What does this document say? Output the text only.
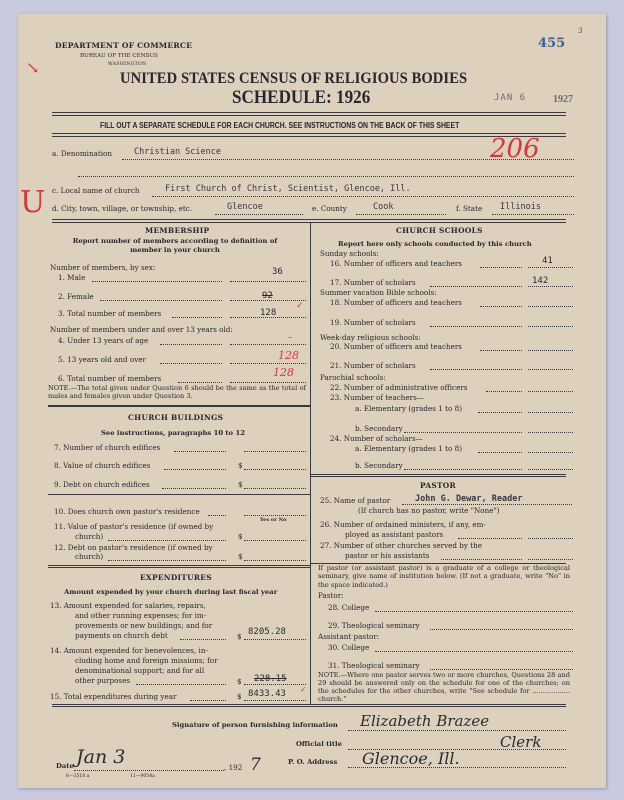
DEPARTMENT OF COMMERCE
BUREAU OF THE CENSUS
WASHINGTON
455
3
↘
UNITED STATES CENSUS OF RELIGIOUS BODIES
SCHEDULE: 1926	JAN 6	1927
FILL OUT A SEPARATE SCHEDULE FOR EACH CHURCH. SEE INSTRUCTIONS ON THE BACK OF THIS SHEET
206
U
a. Denomination	Christian Science
c. Local name of church	First Church of Christ, Scientist, Glencoe, Ill.
d. City, town, village, or township, etc.	Glencoe	e. County	Cook	f. State Illinois
MEMBERSHIP
Report number of members according to definition of member in your church
Number of members, by sex:
1. Male
36
2. Female	92
3. Total number of members	128
✓
Number of members under and over 13 years old:
4. Under 13 years of age	–
5. 13 years old and over	128
6. Total number of members	128
NOTE.—The total given under Question 6 should be the same as the total of males and females given under Question 3.
CHURCH BUILDINGS
See instructions, paragraphs 10 to 12
7. Number of church edifices
8. Value of church edifices	$
9. Debt on church edifices	$
10. Does church own pastor's residence
Yes or No
11. Value of pastor's residence (if owned by
church)	$
12. Debt on pastor's residence (if owned by
church)	$
EXPENDITURES
Amount expended by your church during last fiscal year
13. Amount expended for salaries, repairs,
and other running expenses; for im-
provements or new buildings; and for
payments on church debt	$ 8205.28
14. Amount expended for benevolences, in-
cluding home and foreign missions; for
denominational support; and for all
other purposes	$ 228.15
15. Total expenditures during year	$ 8433.43 ✓
CHURCH SCHOOLS
Report here only schools conducted by this church
Sunday schools:
16. Number of officers and teachers	41
17. Number of scholars	142
Summer vacation Bible schools:
18. Number of officers and teachers
19. Number of scholars
Week-day religious schools:
20. Number of officers and teachers
21. Number of scholars
Parochial schools:
22. Number of administrative officers
23. Number of teachers—
a. Elementary (grades 1 to 8)
b. Secondary
24. Number of scholars—
a. Elementary (grades 1 to 8)
b. Secondary
PASTOR
25. Name of pastor	John G. Dewar, Reader
(If church has no pastor, write "None")
26. Number of ordained ministers, if any, em-
ployed as assistant pastors
27. Number of other churches served by the
pastor or his assistants
If pastor (or assistant pastor) is a graduate of a college or theological seminary, give name of institution below. (If not a graduate, write "No" in the space indicated.)
Pastor:
28. College
29. Theological seminary
Assistant pastor:
30. College
31. Theological seminary
NOTE.—Where one pastor serves two or more churches, Questions 28 and 29 should be answered only on the schedule for one of the churches; on the schedules for the other churches, write "See schedule for .................. church."
Signature of person furnishing information Elizabeth Brazee
Official title	Clerk
P. O. Address Glencoe, Ill.
Date Jan 3	, 192 7
6—3518 a	11—9054a
